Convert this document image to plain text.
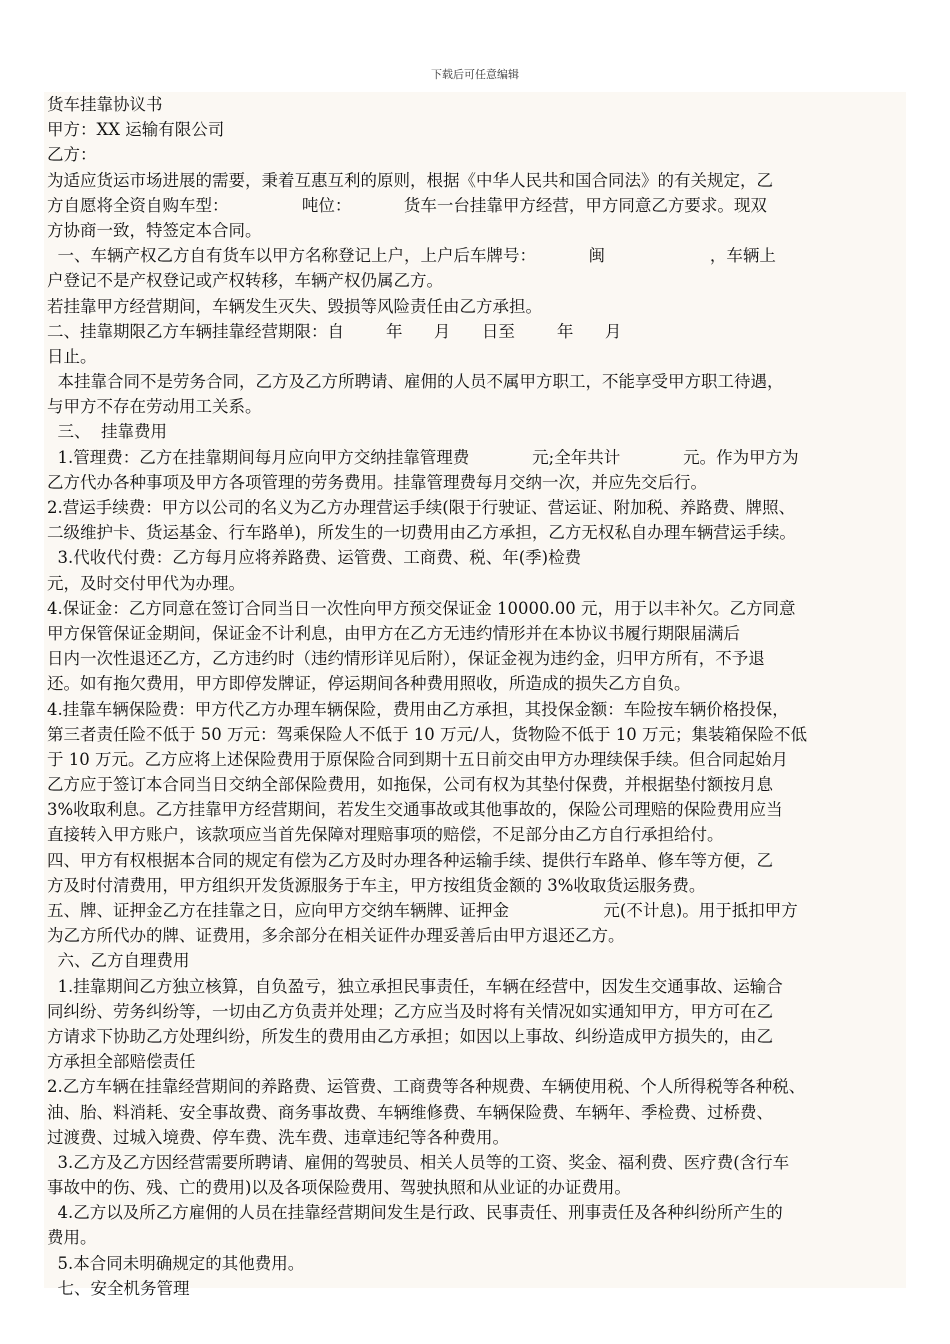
下载后可任意编辑
货车挂靠协议书
甲方：XX 运输有限公司
乙方：
为适应货运市场进展的需要，秉着互惠互利的原则，根据《中华人民共和国合同法》的有关规定，乙
方自愿将全资自购车型：              吨位：          货车一台挂靠甲方经营，甲方同意乙方要求。现双
方协商一致，特签定本合同。
一、车辆产权乙方自有货车以甲方名称登记上户，上户后车牌号：          闽                    ，车辆上
户登记不是产权登记或产权转移，车辆产权仍属乙方。
若挂靠甲方经营期间，车辆发生灭失、毁损等风险责任由乙方承担。
二、挂靠期限乙方车辆挂靠经营期限：自        年      月      日至        年      月
日止。
本挂靠合同不是劳务合同，乙方及乙方所聘请、雇佣的人员不属甲方职工，不能享受甲方职工待遇，
与甲方不存在劳动用工关系。
三、  挂靠费用
1.管理费：乙方在挂靠期间每月应向甲方交纳挂靠管理费            元;全年共计            元。作为甲方为
乙方代办各种事项及甲方各项管理的劳务费用。挂靠管理费每月交纳一次，并应先交后行。
2.营运手续费：甲方以公司的名义为乙方办理营运手续(限于行驶证、营运证、附加税、养路费、牌照、
二级维护卡、货运基金、行车路单)，所发生的一切费用由乙方承担，乙方无权私自办理车辆营运手续。
3.代收代付费：乙方每月应将养路费、运管费、工商费、税、年(季)检费
元，及时交付甲代为办理。
4.保证金：乙方同意在签订合同当日一次性向甲方预交保证金 10000.00 元，用于以丰补欠。乙方同意
甲方保管保证金期间，保证金不计利息，由甲方在乙方无违约情形并在本协议书履行期限届满后
日内一次性退还乙方，乙方违约时（违约情形详见后附），保证金视为违约金，归甲方所有，不予退
还。如有拖欠费用，甲方即停发牌证，停运期间各种费用照收，所造成的损失乙方自负。
4.挂靠车辆保险费：甲方代乙方办理车辆保险，费用由乙方承担，其投保金额：车险按车辆价格投保，
第三者责任险不低于 50 万元：驾乘保险人不低于 10 万元/人，货物险不低于 10 万元；集装箱保险不低
于 10 万元。乙方应将上述保险费用于原保险合同到期十五日前交由甲方办理续保手续。但合同起始月
乙方应于签订本合同当日交纳全部保险费用，如拖保，公司有权为其垫付保费，并根据垫付额按月息
3%收取利息。乙方挂靠甲方经营期间，若发生交通事故或其他事故的，保险公司理赔的保险费用应当
直接转入甲方账户，该款项应当首先保障对理赔事项的赔偿，不足部分由乙方自行承担给付。
四、甲方有权根据本合同的规定有偿为乙方及时办理各种运输手续、提供行车路单、修车等方便，乙
方及时付清费用，甲方组织开发货源服务于车主，甲方按组货金额的 3%收取货运服务费。
五、牌、证押金乙方在挂靠之日，应向甲方交纳车辆牌、证押金                  元(不计息)。用于抵扣甲方
为乙方所代办的牌、证费用，多余部分在相关证件办理妥善后由甲方退还乙方。
六、乙方自理费用
1.挂靠期间乙方独立核算，自负盈亏，独立承担民事责任，车辆在经营中，因发生交通事故、运输合
同纠纷、劳务纠纷等，一切由乙方负责并处理；乙方应当及时将有关情况如实通知甲方，甲方可在乙
方请求下协助乙方处理纠纷，所发生的费用由乙方承担；如因以上事故、纠纷造成甲方损失的，由乙
方承担全部赔偿责任
2.乙方车辆在挂靠经营期间的养路费、运管费、工商费等各种规费、车辆使用税、个人所得税等各种税、
油、胎、料消耗、安全事故费、商务事故费、车辆维修费、车辆保险费、车辆年、季检费、过桥费、
过渡费、过城入境费、停车费、洗车费、违章违纪等各种费用。
3.乙方及乙方因经营需要所聘请、雇佣的驾驶员、相关人员等的工资、奖金、福利费、医疗费(含行车
事故中的伤、残、亡的费用)以及各项保险费用、驾驶执照和从业证的办证费用。
4.乙方以及所乙方雇佣的人员在挂靠经营期间发生是行政、民事责任、刑事责任及各种纠纷所产生的
费用。
5.本合同未明确规定的其他费用。
七、安全机务管理
